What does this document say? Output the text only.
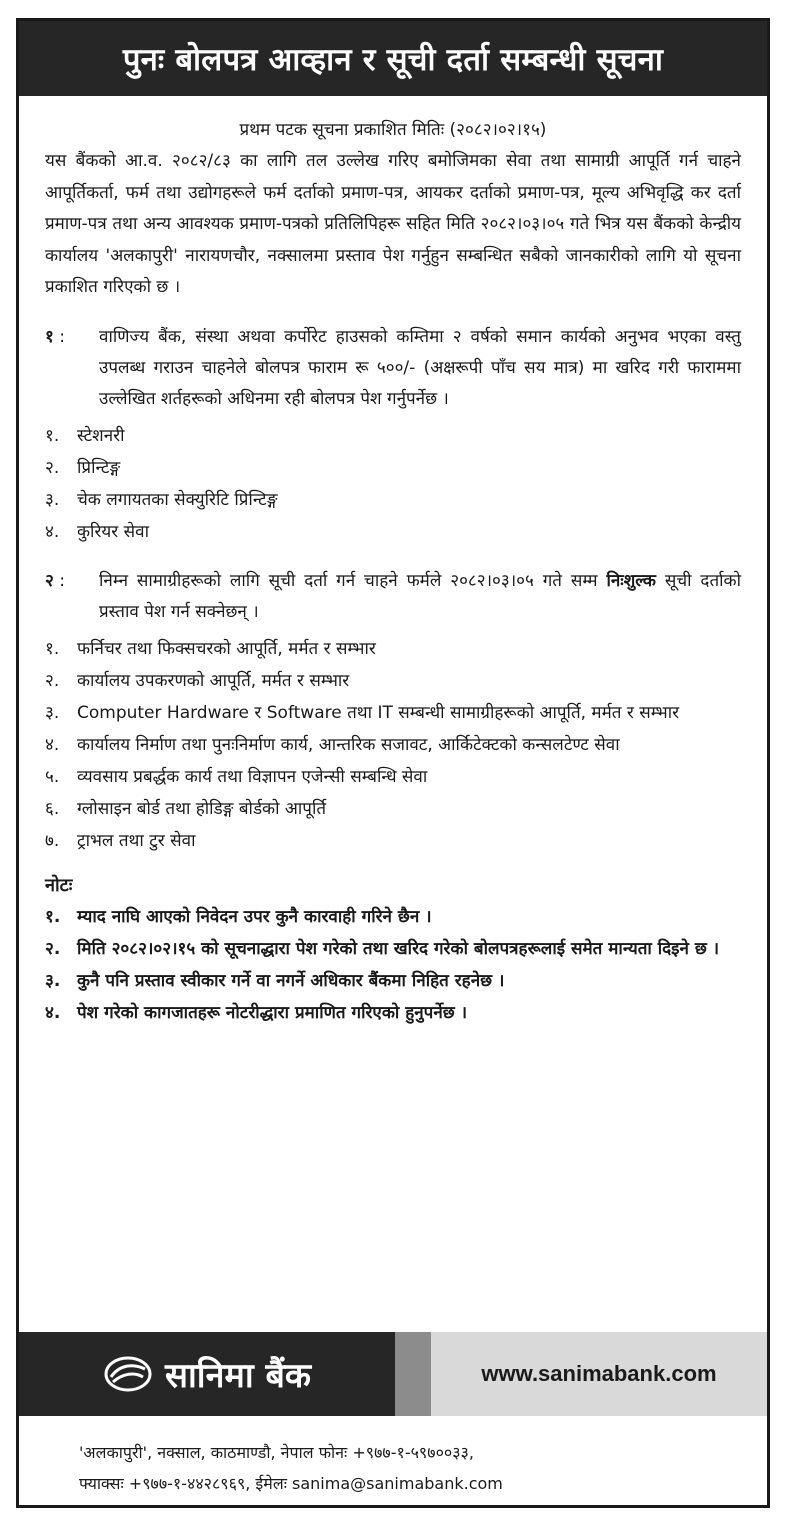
पुनः बोलपत्र आव्हान र सूची दर्ता सम्बन्धी सूचना
प्रथम पटक सूचना प्रकाशित मितिः (२०८२।०२।१५)
यस बैंकको आ.व. २०८२/८३ का लागि तल उल्लेख गरिए बमोजिमका सेवा तथा सामाग्री आपूर्ति गर्न चाहने आपूर्तिकर्ता, फर्म तथा उद्योगहरूले फर्म दर्ताको प्रमाण-पत्र, आयकर दर्ताको प्रमाण-पत्र, मूल्य अभिवृद्धि कर दर्ता प्रमाण-पत्र तथा अन्य आवश्यक प्रमाण-पत्रको प्रतिलिपिहरू सहित मिति २०८२।०३।०५ गते भित्र यस बैंकको केन्द्रीय कार्यालय 'अलकापुरी' नारायणचौर, नक्सालमा प्रस्ताव पेश गर्नुहुन सम्बन्धित सबैको जानकारीको लागि यो सूचना प्रकाशित गरिएको छ ।
१ :	वाणिज्य बैंक, संस्था अथवा कर्पोरेट हाउसको कम्तिमा २ वर्षको समान कार्यको अनुभव भएका वस्तु उपलब्ध गराउन चाहनेले बोलपत्र फाराम रू ५००/- (अक्षरूपी पाँच सय मात्र) मा खरिद गरी फाराममा उल्लेखित शर्तहरूको अधिनमा रही बोलपत्र पेश गर्नुपर्नेछ ।
१.	स्टेशनरी
२.	प्रिन्टिङ्ग
३.	चेक लगायतका सेक्युरिटि प्रिन्टिङ्ग
४.	कुरियर सेवा
२ :	निम्न सामाग्रीहरूको लागि सूची दर्ता गर्न चाहने फर्मले २०८२।०३।०५ गते सम्म निःशुल्क सूची दर्ताको प्रस्ताव पेश गर्न सक्नेछन् ।
१.	फर्निचर तथा फिक्सचरको आपूर्ति, मर्मत र सम्भार
२.	कार्यालय उपकरणको आपूर्ति, मर्मत र सम्भार
३.	Computer Hardware र Software तथा IT सम्बन्धी सामाग्रीहरूको आपूर्ति, मर्मत र सम्भार
४.	कार्यालय निर्माण तथा पुनःनिर्माण कार्य, आन्तरिक सजावट, आर्किटेक्टको कन्सलटेण्ट सेवा
५.	व्यवसाय प्रबर्द्धक कार्य तथा विज्ञापन एजेन्सी सम्बन्धि सेवा
६.	ग्लोसाइन बोर्ड तथा होडिङ्ग बोर्डको आपूर्ति
७.	ट्राभल तथा टुर सेवा
नोटः
१. म्याद नाघि आएको निवेदन उपर कुनै कारवाही गरिने छैन ।
२. मिति २०८२।०२।१५ को सूचनाद्धारा पेश गरेको तथा खरिद गरेको बोलपत्रहरूलाई समेत मान्यता दिइने छ ।
३. कुनै पनि प्रस्ताव स्वीकार गर्ने वा नगर्ने अधिकार बैंकमा निहित रहनेछ ।
४. पेश गरेको कागजातहरू नोटरीद्धारा प्रमाणित गरिएको हुनुपर्नेछ ।
सानिमा बैंक	www.sanimabank.com
'अलकापुरी', नक्साल, काठमाण्डौ, नेपाल फोनः +९७७-१-५९७००३३,
फ्याक्सः +९७७-१-४४२८९६९, ईमेलः sanima@sanimabank.com
